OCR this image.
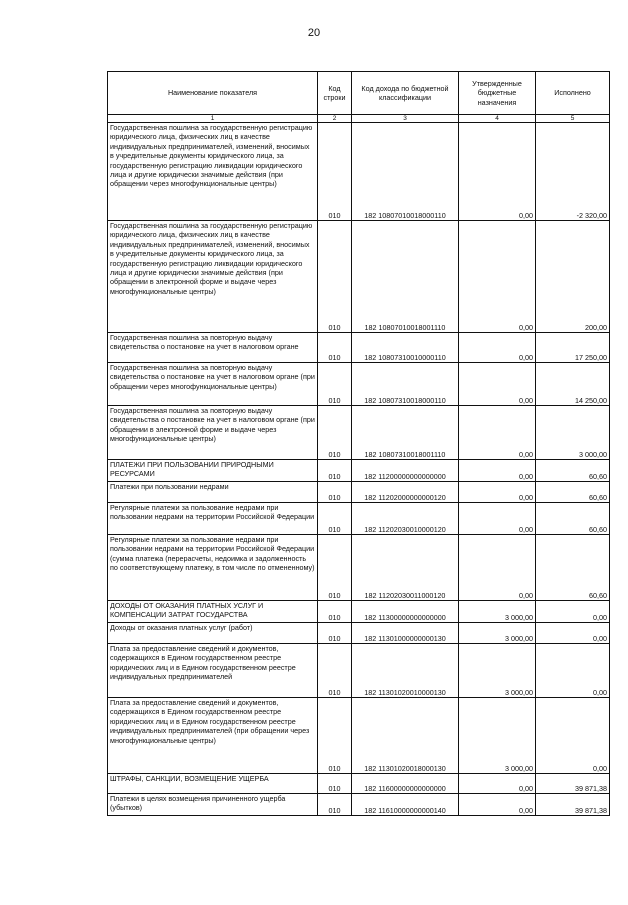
20
Наименование показателя	Код строки	Код дохода по бюджетной классификации	Утвержденные бюджетные назначения	Исполнено
1	2	3	4	5
Государственная пошлина за государственную регистрацию юридического лица, физических лиц в качестве индивидуальных предпринимателей, изменений, вносимых в учредительные документы юридического лица, за государственную регистрацию ликвидации юридического лица и другие юридически значимые действия (при обращении через многофункциональные центры)	010	182 10807010018000110	0,00	-2 320,00
Государственная пошлина за государственную регистрацию юридического лица, физических лиц в качестве индивидуальных предпринимателей, изменений, вносимых в учредительные документы юридического лица, за государственную регистрацию ликвидации юридического лица и другие юридически значимые действия (при обращении в электронной форме и выдаче через многофункциональные центры)	010	182 10807010018001110	0,00	200,00
Государственная пошлина за повторную выдачу свидетельства о постановке на учет в налоговом органе	010	182 10807310010000110	0,00	17 250,00
Государственная пошлина за повторную выдачу свидетельства о постановке на учет в налоговом органе (при обращении через многофункциональные центры)	010	182 10807310018000110	0,00	14 250,00
Государственная пошлина за повторную выдачу свидетельства о постановке на учет в налоговом органе (при обращении в электронной форме и выдаче через многофункциональные центры)	010	182 10807310018001110	0,00	3 000,00
ПЛАТЕЖИ ПРИ ПОЛЬЗОВАНИИ ПРИРОДНЫМИ РЕСУРСАМИ	010	182 11200000000000000	0,00	60,60
Платежи при пользовании недрами	010	182 11202000000000120	0,00	60,60
Регулярные платежи за пользование недрами при пользовании недрами на территории Российской Федерации	010	182 11202030010000120	0,00	60,60
Регулярные платежи за пользование недрами при пользовании недрами на территории Российской Федерации (сумма платежа (перерасчеты, недоимка и задолженность по соответствующему платежу, в том числе по отмененному)	010	182 11202030011000120	0,00	60,60
ДОХОДЫ ОТ ОКАЗАНИЯ ПЛАТНЫХ УСЛУГ И КОМПЕНСАЦИИ ЗАТРАТ ГОСУДАРСТВА	010	182 11300000000000000	3 000,00	0,00
Доходы от оказания платных услуг (работ)	010	182 11301000000000130	3 000,00	0,00
Плата за предоставление сведений и документов, содержащихся в Едином государственном реестре юридических лиц и в Едином государственном реестре индивидуальных предпринимателей	010	182 11301020010000130	3 000,00	0,00
Плата за предоставление сведений и документов, содержащихся в Едином государственном реестре юридических лиц и в Едином государственном реестре индивидуальных предпринимателей (при обращении через многофункциональные центры)	010	182 11301020018000130	3 000,00	0,00
ШТРАФЫ, САНКЦИИ, ВОЗМЕЩЕНИЕ УЩЕРБА	010	182 11600000000000000	0,00	39 871,38
Платежи в целях возмещения причиненного ущерба (убытков)	010	182 11610000000000140	0,00	39 871,38
